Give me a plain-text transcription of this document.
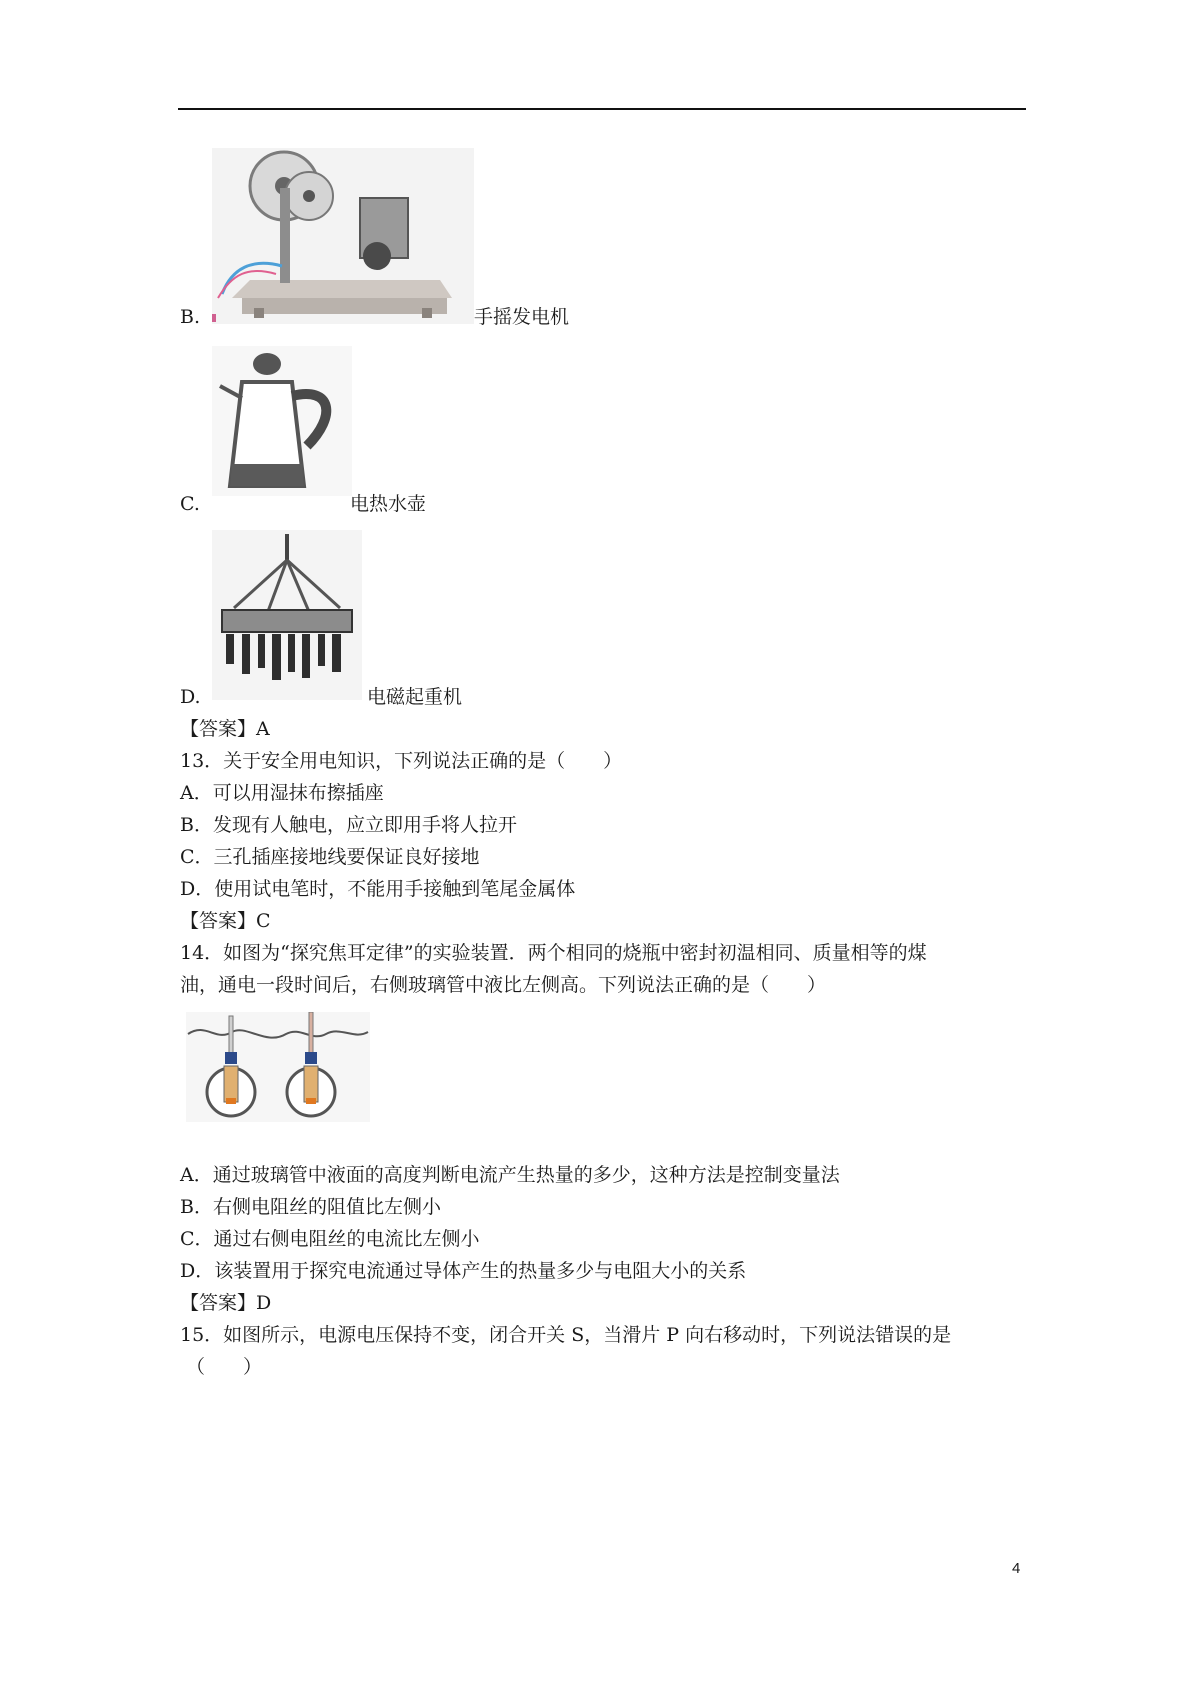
B.	手摇发电机
C.	电热水壶
D.	电磁起重机
【答案】A
13．关于安全用电知识，下列说法正确的是（　　）
A．可以用湿抹布擦插座
B．发现有人触电，应立即用手将人拉开
C．三孔插座接地线要保证良好接地
D．使用试电笔时，不能用手接触到笔尾金属体
【答案】C
14．如图为“探究焦耳定律”的实验装置．两个相同的烧瓶中密封初温相同、质量相等的煤
油，通电一段时间后，右侧玻璃管中液比左侧高。下列说法正确的是（　　）
A．通过玻璃管中液面的高度判断电流产生热量的多少，这种方法是控制变量法
B．右侧电阻丝的阻值比左侧小
C．通过右侧电阻丝的电流比左侧小
D．该装置用于探究电流通过导体产生的热量多少与电阻大小的关系
【答案】D
15．如图所示，电源电压保持不变，闭合开关 S，当滑片 P 向右移动时，下列说法错误的是
（　　）
4
